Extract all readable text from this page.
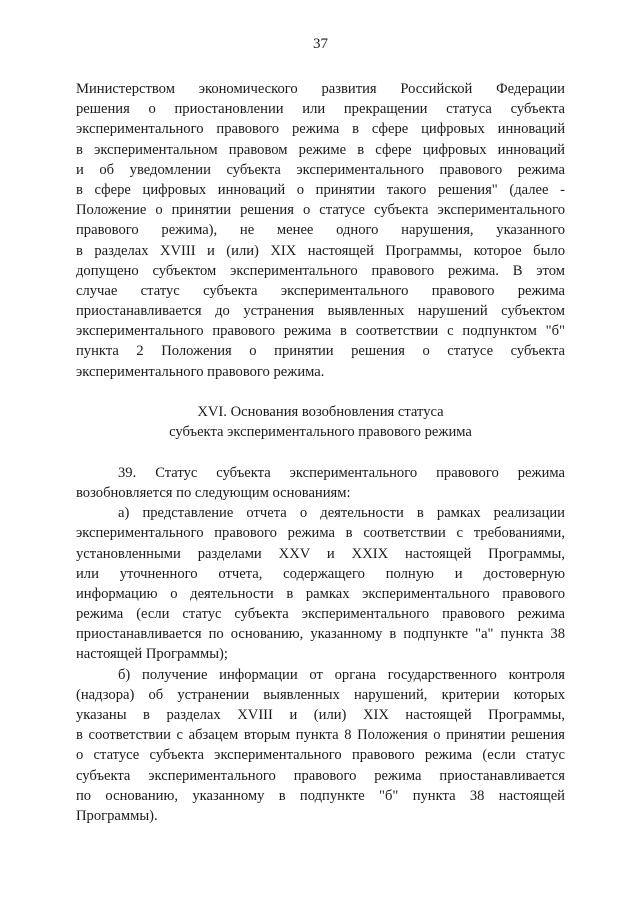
37
Министерством экономического развития Российской Федерации
решения о приостановлении или прекращении статуса субъекта
экспериментального правового режима в сфере цифровых инноваций
в экспериментальном правовом режиме в сфере цифровых инноваций
и об уведомлении субъекта экспериментального правового режима
в сфере цифровых инноваций о принятии такого решения" (далее -
Положение о принятии решения о статусе субъекта экспериментального
правового режима), не менее одного нарушения, указанного
в разделах XVIII и (или) XIX настоящей Программы, которое было
допущено субъектом экспериментального правового режима. В этом
случае статус субъекта экспериментального правового режима
приостанавливается до устранения выявленных нарушений субъектом
экспериментального правового режима в соответствии с подпунктом "б"
пункта 2 Положения о принятии решения о статусе субъекта
экспериментального правового режима.
XVI. Основания возобновления статуса
субъекта экспериментального правового режима
39. Статус субъекта экспериментального правового режима
возобновляется по следующим основаниям:
а) представление отчета о деятельности в рамках реализации
экспериментального правового режима в соответствии с требованиями,
установленными разделами XXV и XXIX настоящей Программы,
или уточненного отчета, содержащего полную и достоверную
информацию о деятельности в рамках экспериментального правового
режима (если статус субъекта экспериментального правового режима
приостанавливается по основанию, указанному в подпункте "а" пункта 38
настоящей Программы);
б) получение информации от органа государственного контроля
(надзора) об устранении выявленных нарушений, критерии которых
указаны в разделах XVIII и (или) XIX настоящей Программы,
в соответствии с абзацем вторым пункта 8 Положения о принятии решения
о статусе субъекта экспериментального правового режима (если статус
субъекта экспериментального правового режима приостанавливается
по основанию, указанному в подпункте "б" пункта 38 настоящей
Программы).
